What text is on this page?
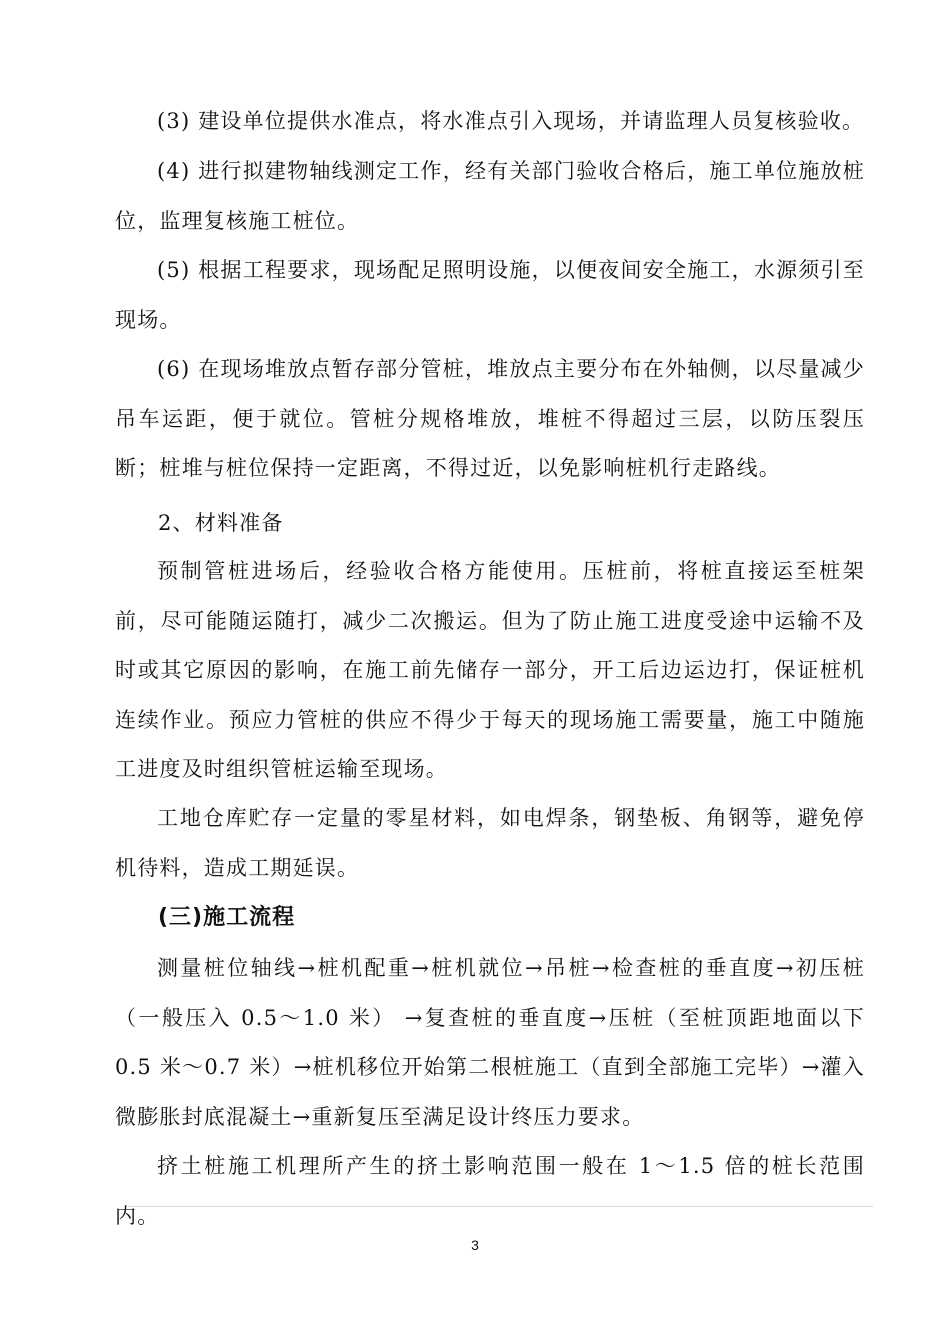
(3) 建设单位提供水准点，将水准点引入现场，并请监理人员复核验收。

(4) 进行拟建物轴线测定工作，经有关部门验收合格后，施工单位施放桩位，监理复核施工桩位。

(5) 根据工程要求，现场配足照明设施，以便夜间安全施工，水源须引至现场。

(6) 在现场堆放点暂存部分管桩，堆放点主要分布在外轴侧，以尽量减少吊车运距，便于就位。管桩分规格堆放，堆桩不得超过三层，以防压裂压断；桩堆与桩位保持一定距离，不得过近，以免影响桩机行走路线。

2、材料准备

预制管桩进场后，经验收合格方能使用。压桩前，将桩直接运至桩架前，尽可能随运随打，减少二次搬运。但为了防止施工进度受途中运输不及时或其它原因的影响，在施工前先储存一部分，开工后边运边打，保证桩机连续作业。预应力管桩的供应不得少于每天的现场施工需要量，施工中随施工进度及时组织管桩运输至现场。

工地仓库贮存一定量的零星材料，如电焊条，钢垫板、角钢等，避免停机待料，造成工期延误。

(三)施工流程

测量桩位轴线→桩机配重→桩机就位→吊桩→检查桩的垂直度→初压桩（一般压入 0.5～1.0 米） →复查桩的垂直度→压桩（至桩顶距地面以下 0.5 米～0.7 米）→桩机移位开始第二根桩施工（直到全部施工完毕）→灌入微膨胀封底混凝土→重新复压至满足设计终压力要求。

挤土桩施工机理所产生的挤土影响范围一般在 1～1.5 倍的桩长范围内。

3
